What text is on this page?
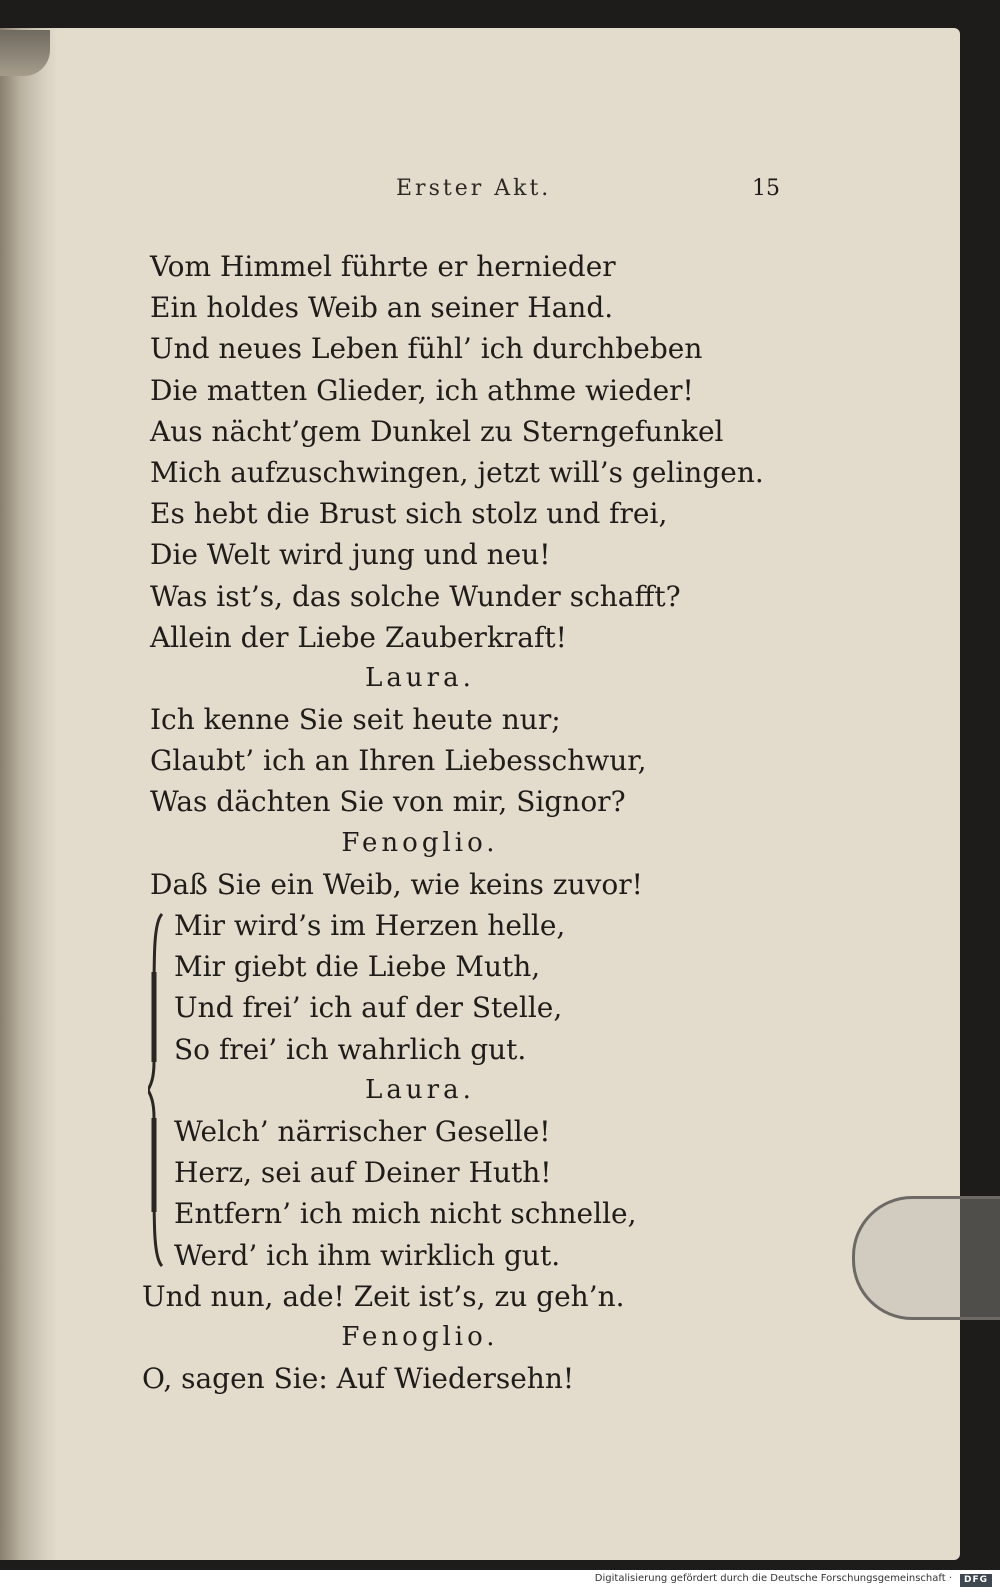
Erster Akt.	15
Vom Himmel führte er hernieder
Ein holdes Weib an seiner Hand.
Und neues Leben fühl’ ich durchbeben
Die matten Glieder, ich athme wieder!
Aus nächt’gem Dunkel zu Sterngefunkel
Mich aufzuschwingen, jetzt will’s gelingen.
Es hebt die Brust sich stolz und frei,
Die Welt wird jung und neu!
Was ist’s, das solche Wunder schafft?
Allein der Liebe Zauberkraft!
Laura.
Ich kenne Sie seit heute nur;
Glaubt’ ich an Ihren Liebesschwur,
Was dächten Sie von mir, Signor?
Fenoglio.
Daß Sie ein Weib, wie keins zuvor!
Mir wird’s im Herzen helle,
Mir giebt die Liebe Muth,
Und frei’ ich auf der Stelle,
So frei’ ich wahrlich gut.
Laura.
Welch’ närrischer Geselle!
Herz, sei auf Deiner Huth!
Entfern’ ich mich nicht schnelle,
Werd’ ich ihm wirklich gut.
Und nun, ade! Zeit ist’s, zu geh’n.
Fenoglio.
O, sagen Sie: Auf Wiedersehn!
Digitalisierung gefördert durch die Deutsche Forschungsgemeinschaft ·	DFG
